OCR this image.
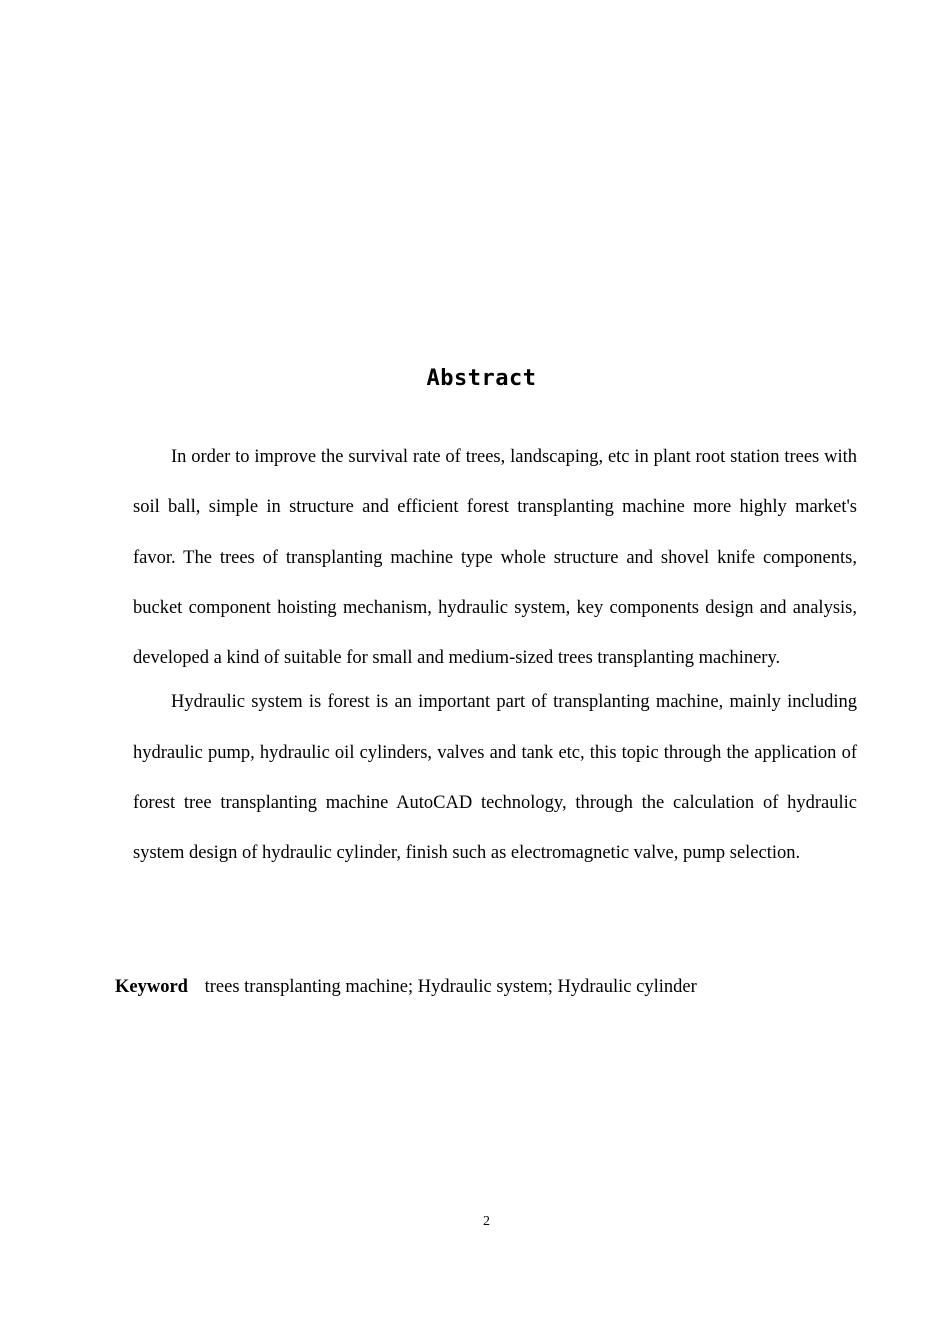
Abstract

In order to improve the survival rate of trees, landscaping, etc in plant root station trees with soil ball, simple in structure and efficient forest transplanting machine more highly market's favor. The trees of transplanting machine type whole structure and shovel knife components, bucket component hoisting mechanism, hydraulic system, key components design and analysis, developed a kind of suitable for small and medium-sized trees transplanting machinery.

Hydraulic system is forest is an important part of transplanting machine, mainly including hydraulic pump, hydraulic oil cylinders, valves and tank etc, this topic through the application of forest tree transplanting machine AutoCAD technology, through the calculation of hydraulic system design of hydraulic cylinder, finish such as electromagnetic valve, pump selection.

Keyword trees transplanting machine; Hydraulic system; Hydraulic cylinder
2
